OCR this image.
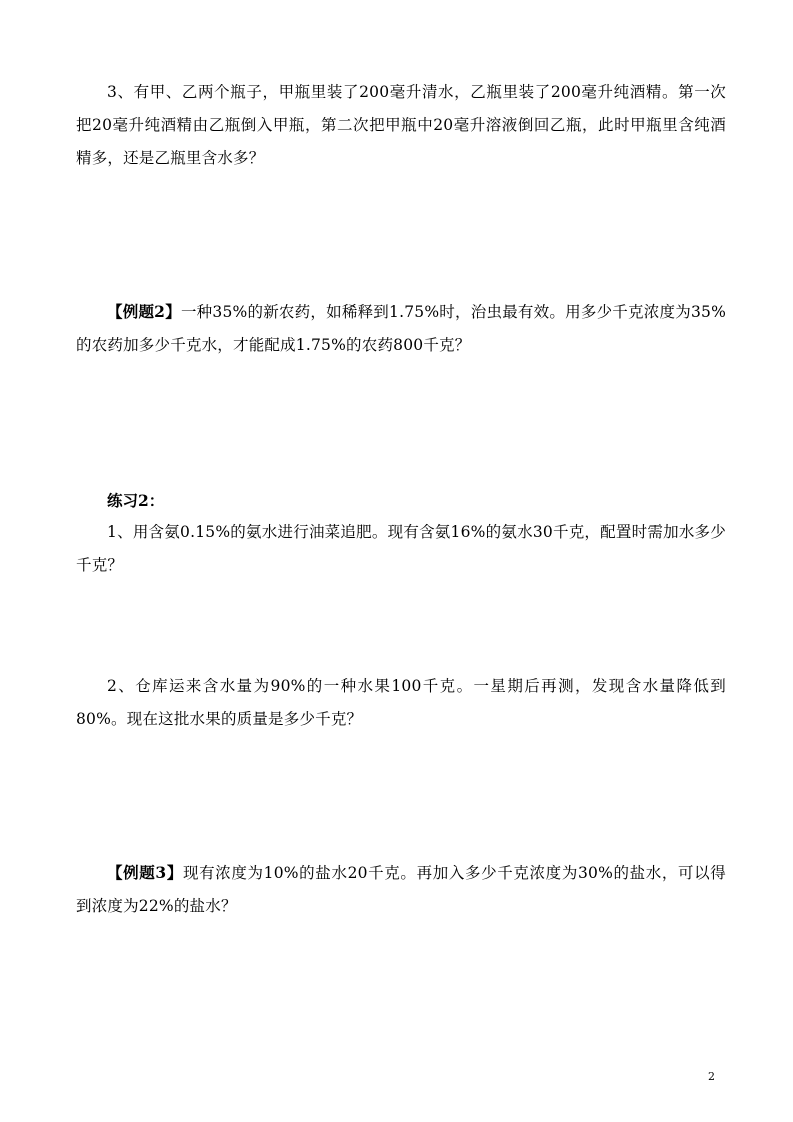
3、有甲、乙两个瓶子，甲瓶里装了200毫升清水，乙瓶里装了200毫升纯酒精。第一次把20毫升纯酒精由乙瓶倒入甲瓶，第二次把甲瓶中20毫升溶液倒回乙瓶，此时甲瓶里含纯酒精多，还是乙瓶里含水多？

【例题2】一种35%的新农药，如稀释到1.75%时，治虫最有效。用多少千克浓度为35%的农药加多少千克水，才能配成1.75%的农药800千克？

练习2：

1、用含氨0.15%的氨水进行油菜追肥。现有含氨16%的氨水30千克，配置时需加水多少千克？

2、仓库运来含水量为90%的一种水果100千克。一星期后再测，发现含水量降低到80%。现在这批水果的质量是多少千克？

【例题3】现有浓度为10%的盐水20千克。再加入多少千克浓度为30%的盐水，可以得到浓度为22%的盐水？

2
